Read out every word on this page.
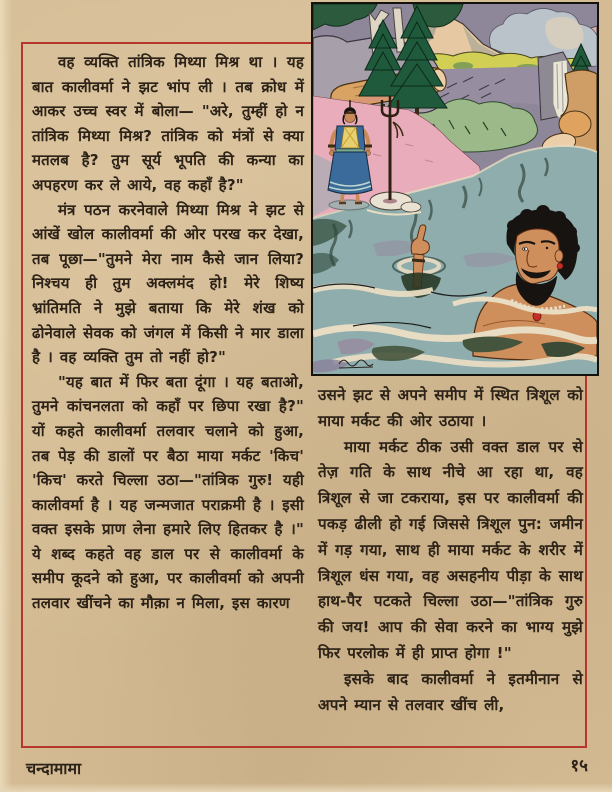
वह व्यक्ति तांत्रिक मिथ्या मिश्र था । यह बात कालीवर्मा ने झट भांप ली । तब क्रोध में आकर उच्च स्वर में बोला— "अरे, तुम्हीं हो न तांत्रिक मिथ्या मिश्र? तांत्रिक को मंत्रों से क्या मतलब है? तुम सूर्य भूपति की कन्या का अपहरण कर ले आये, वह कहाँ है?"

मंत्र पठन करनेवाले मिथ्या मिश्र ने झट से आंखें खोल कालीवर्मा की ओर परख कर देखा, तब पूछा—"तुमने मेरा नाम कैसे जान लिया? निश्चय ही तुम अक्लमंद हो! मेरे शिष्य भ्रांतिमति ने मुझे बताया कि मेरे शंख को ढोनेवाले सेवक को जंगल में किसी ने मार डाला है । वह व्यक्ति तुम तो नहीं हो?"

"यह बात में फिर बता दूंगा । यह बताओ, तुमने कांचनलता को कहाँ पर छिपा रखा है?" यों कहते कालीवर्मा तलवार चलाने को हुआ, तब पेड़ की डालों पर बैठा माया मर्कट 'किच' 'किच' करते चिल्ला उठा—"तांत्रिक गुरु! यही कालीवर्मा है । यह जन्मजात पराक्रमी है । इसी वक्त इसके प्राण लेना हमारे लिए हितकर है ।" ये शब्द कहते वह डाल पर से कालीवर्मा के समीप कूदने को हुआ, पर कालीवर्मा को अपनी तलवार खींचने का मौक़ा न मिला, इस कारण

उसने झट से अपने समीप में स्थित त्रिशूल को माया मर्कट की ओर उठाया ।

माया मर्कट ठीक उसी वक्त डाल पर से तेज़ गति के साथ नीचे आ रहा था, वह त्रिशूल से जा टकराया, इस पर कालीवर्मा की पकड़ ढीली हो गई जिससे त्रिशूल पुन: जमीन में गड़ गया, साथ ही माया मर्कट के शरीर में त्रिशूल धंस गया, वह असहनीय पीड़ा के साथ हाथ-पैर पटकते चिल्ला उठा—"तांत्रिक गुरु की जय! आप की सेवा करने का भाग्य मुझे फिर परलोक में ही प्राप्त होगा !"

इसके बाद कालीवर्मा ने इतमीनान से अपने म्यान से तलवार खींच ली,

चन्दामामा	१५
